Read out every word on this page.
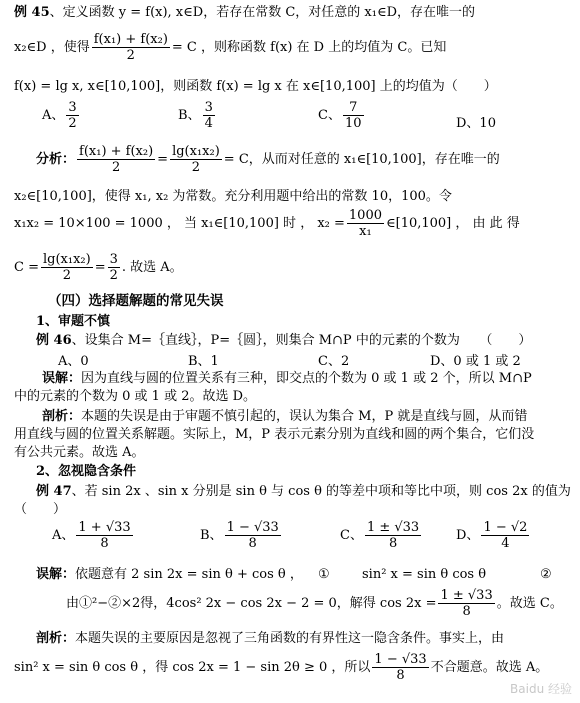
例 45、定义函数 y = f(x), x∈D，若存在常数 C，对任意的 x₁∈D，存在唯一的
x₂∈D ，使得 $\frac{\text{f(x₁) + f(x₂)}}{2} = C$ ，则称函数 f(x) 在 D 上的均值为 C。已知
f(x) = lg x, x∈[10,100]，则函数 f(x) = lg x 在 x∈[10,100] 上的均值为（　　）
A、 $\frac{3}{2}$	B、 $\frac{3}{4}$	C、 $\frac{7}{10}$	D、10
分析： $\frac{\text{f(x₁) + f(x₂)}}{2} = \frac{\text{lg(x₁x₂)}}{2} = C$，从而对任意的 x₁∈[10,100]，存在唯一的
x₂∈[10,100]，使得 x₁, x₂ 为常数。充分利用题中给出的常数 10，100。令
x₁x₂ = 10×100 = 1000 ， 当 x₁∈[10,100] 时 ， $x_2 = \frac{1000}{\text{x₁}}$ ∈[10,100] ， 由 此 得
$C = \frac{\text{lg(x₁x₂)}}{2} = \frac{3}{2}$ . 故选 A。
（四）选择题解题的常见失误
1、审题不慎
例 46、设集合 M=｛直线｝，P=｛圆｝，则集合 M∩P 中的元素的个数为　　（　　）
A、0	B、1	C、2	D、0 或 1 或 2
误解：因为直线与圆的位置关系有三种，即交点的个数为 0 或 1 或 2 个，所以 M∩P
中的元素的个数为 0 或 1 或 2。故选 D。
剖析：本题的失误是由于审题不慎引起的，误认为集合 M，P 就是直线与圆，从而错
用直线与圆的位置关系解题。实际上，M，P 表示元素分别为直线和圆的两个集合，它们没
有公共元素。故选 A。
2、忽视隐含条件
例 47、若 sin 2x 、sin x 分别是 sin θ 与 cos θ 的等差中项和等比中项，则 cos 2x 的值为
（　　）
A、 $\frac{1 + √33}{8}$	B、 $\frac{1 - √33}{8}$	C、 $\frac{1 \pm √33}{8}$	D、 $\frac{1 - √2}{4}$
误解：依题意有 2 sin 2x = sin θ + cos θ ， ① sin² x = sin θ cos θ	②
由①²−②×2得，4cos² 2x − cos 2x − 2 = 0，解得 $\cos 2x = \frac{1 \pm √33}{8}$ 。故选 C。
剖析：本题失误的主要原因是忽视了三角函数的有界性这一隐含条件。事实上，由
sin² x = sin θ cos θ ，得 cos 2x = 1 − sin 2θ ≥ 0 ，所以 $\frac{1 - √33}{8}$ 不合题意。故选 A。
Baidu 经验
